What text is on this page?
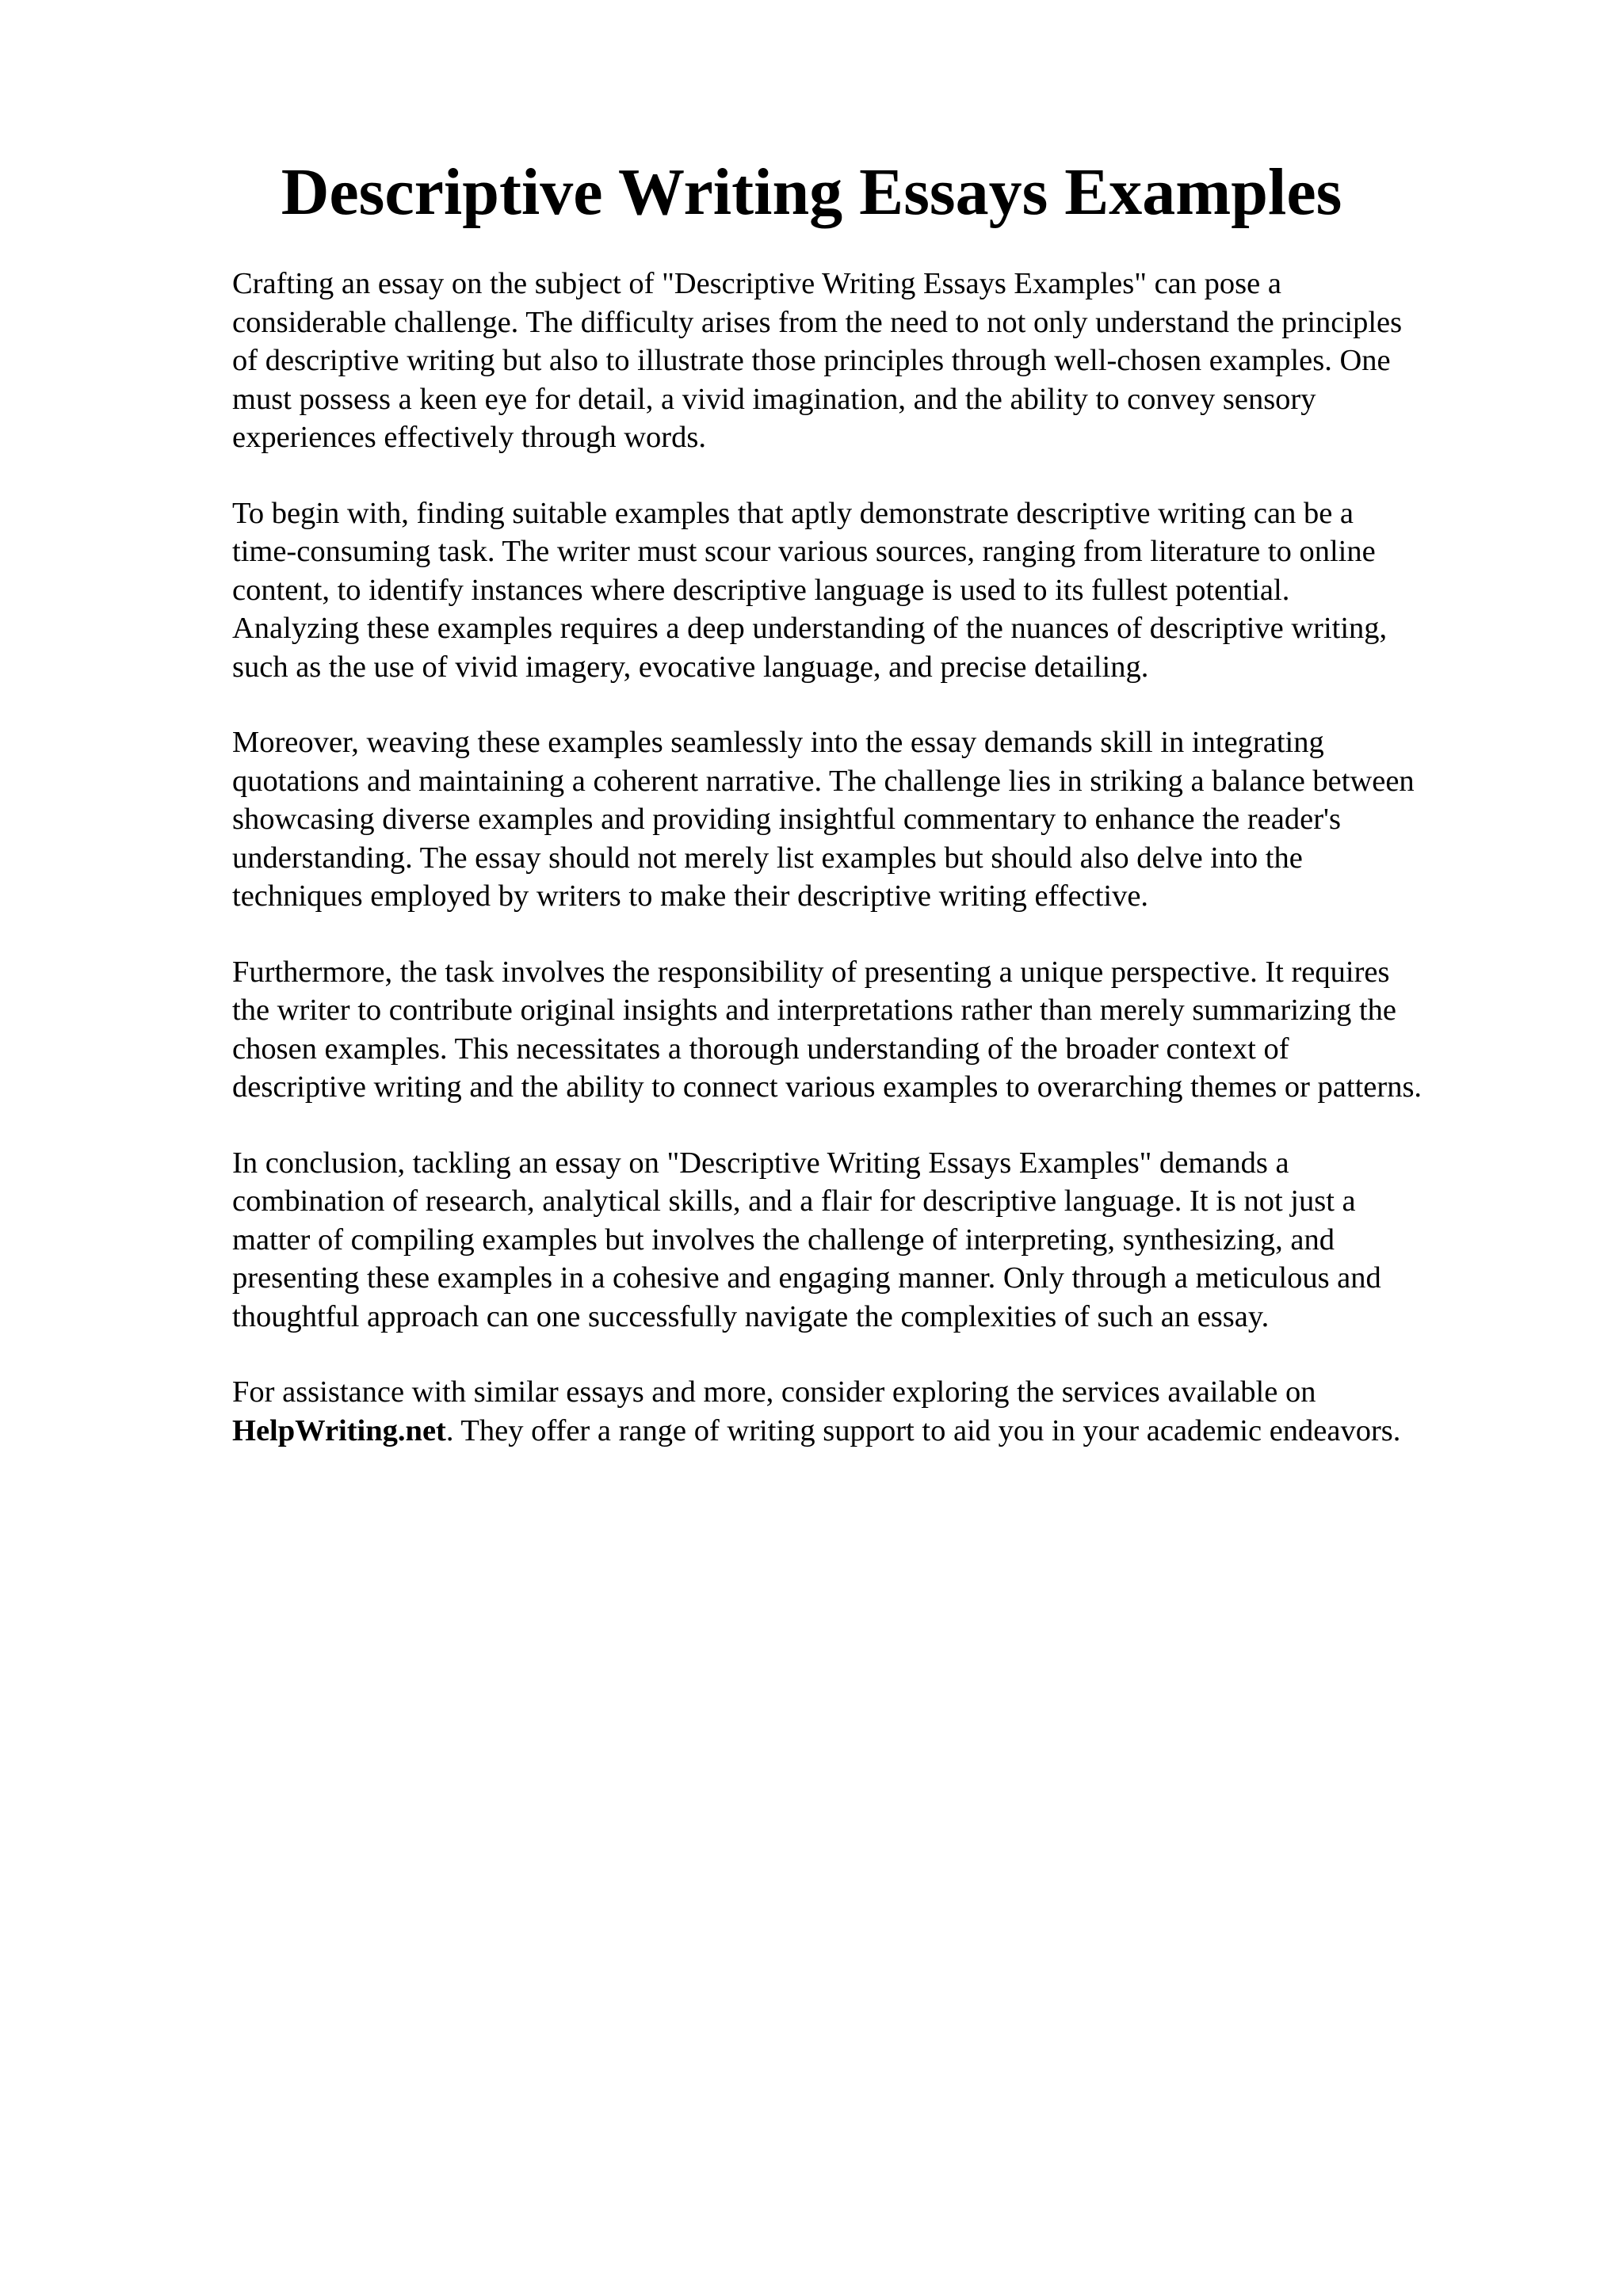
Descriptive Writing Essays Examples

Crafting an essay on the subject of "Descriptive Writing Essays Examples" can pose a
considerable challenge. The difficulty arises from the need to not only understand the principles
of descriptive writing but also to illustrate those principles through well-chosen examples. One
must possess a keen eye for detail, a vivid imagination, and the ability to convey sensory
experiences effectively through words.

To begin with, finding suitable examples that aptly demonstrate descriptive writing can be a
time-consuming task. The writer must scour various sources, ranging from literature to online
content, to identify instances where descriptive language is used to its fullest potential.
Analyzing these examples requires a deep understanding of the nuances of descriptive writing,
such as the use of vivid imagery, evocative language, and precise detailing.

Moreover, weaving these examples seamlessly into the essay demands skill in integrating
quotations and maintaining a coherent narrative. The challenge lies in striking a balance between
showcasing diverse examples and providing insightful commentary to enhance the reader's
understanding. The essay should not merely list examples but should also delve into the
techniques employed by writers to make their descriptive writing effective.

Furthermore, the task involves the responsibility of presenting a unique perspective. It requires
the writer to contribute original insights and interpretations rather than merely summarizing the
chosen examples. This necessitates a thorough understanding of the broader context of
descriptive writing and the ability to connect various examples to overarching themes or patterns.

In conclusion, tackling an essay on "Descriptive Writing Essays Examples" demands a
combination of research, analytical skills, and a flair for descriptive language. It is not just a
matter of compiling examples but involves the challenge of interpreting, synthesizing, and
presenting these examples in a cohesive and engaging manner. Only through a meticulous and
thoughtful approach can one successfully navigate the complexities of such an essay.

For assistance with similar essays and more, consider exploring the services available on
HelpWriting.net. They offer a range of writing support to aid you in your academic endeavors.
